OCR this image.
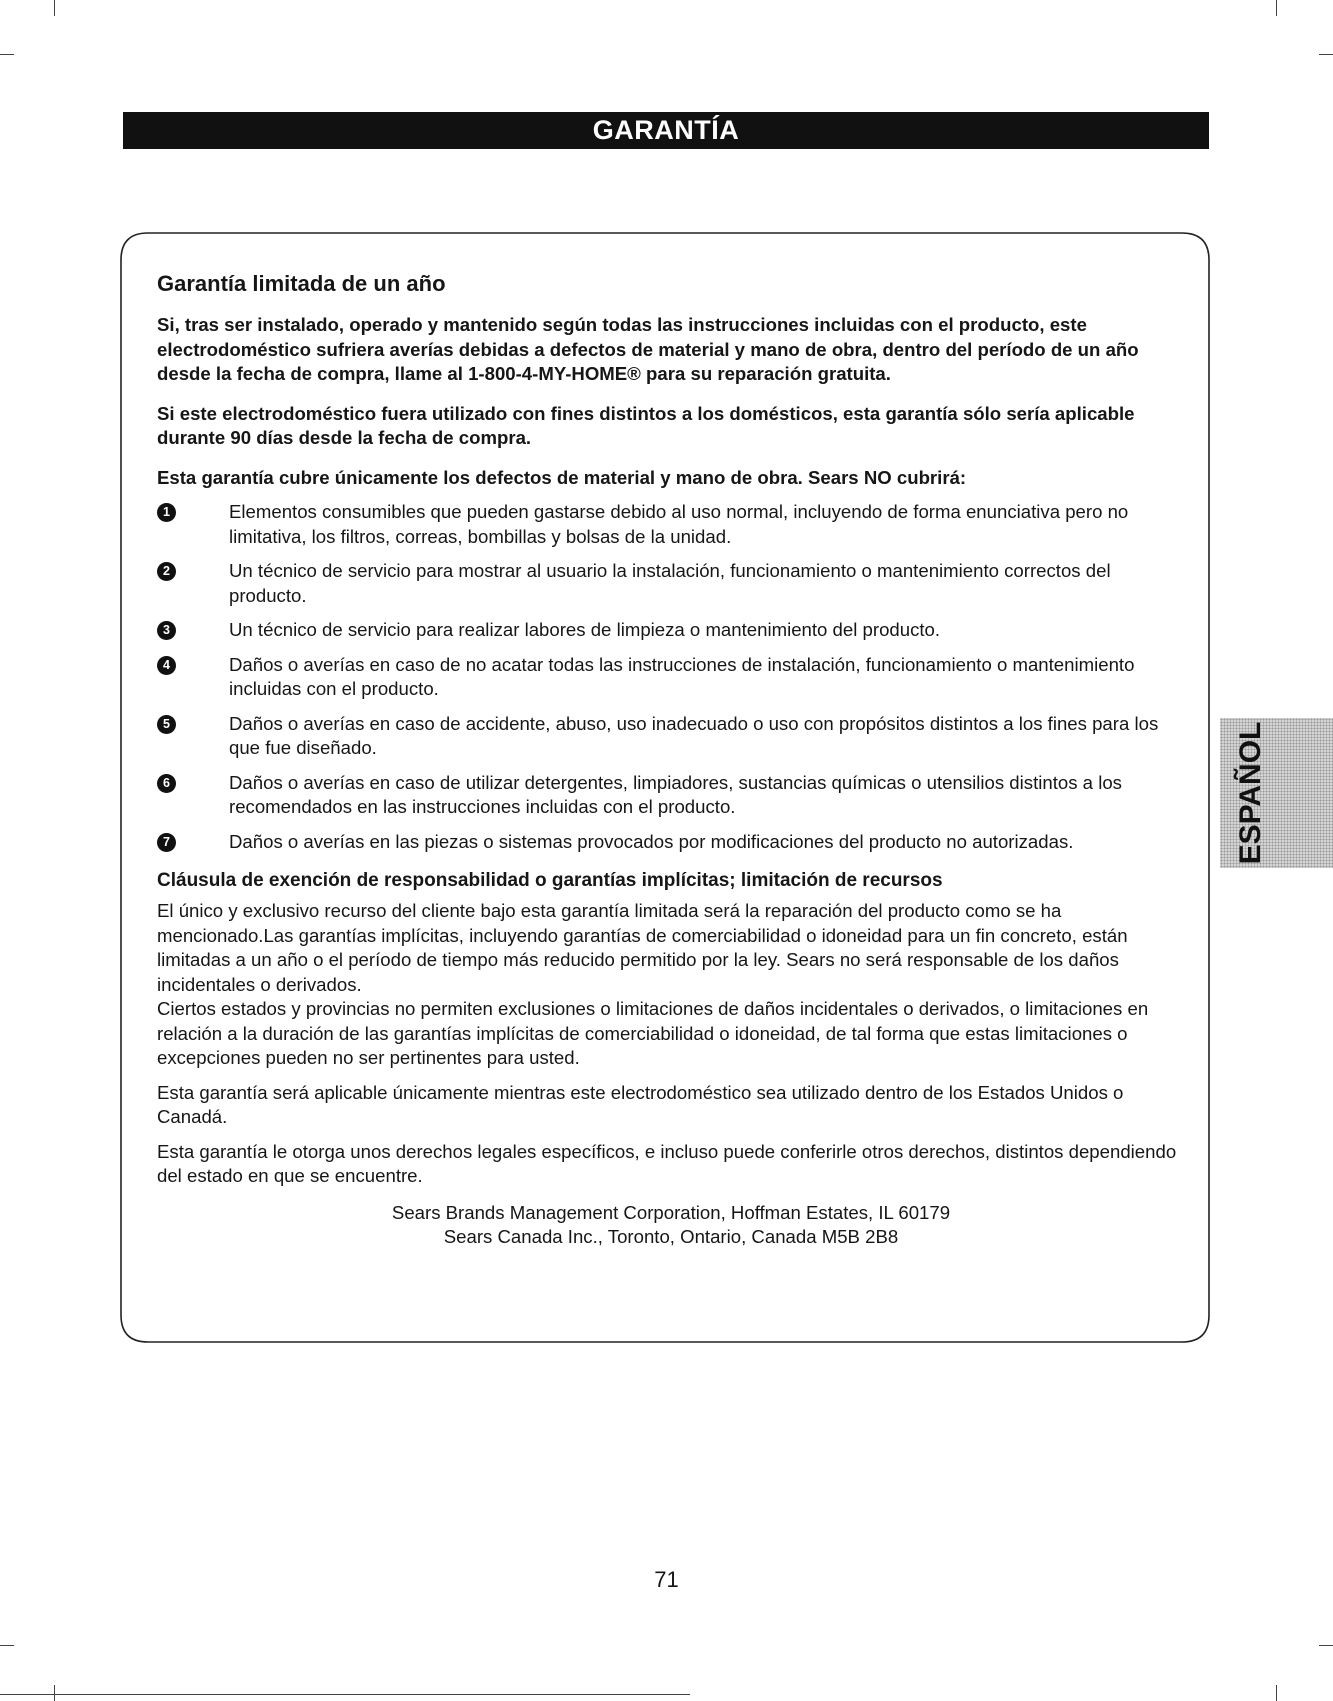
GARANTÍA
Garantía limitada de un año

Si, tras ser instalado, operado y mantenido según todas las instrucciones incluidas con el producto, este electrodoméstico sufriera averías debidas a defectos de material y mano de obra, dentro del período de un año desde la fecha de compra, llame al 1-800-4-MY-HOME® para su reparación gratuita.

Si este electrodoméstico fuera utilizado con fines distintos a los domésticos, esta garantía sólo sería aplicable durante 90 días desde la fecha de compra.

Esta garantía cubre únicamente los defectos de material y mano de obra. Sears NO cubrirá:

1	Elementos consumibles que pueden gastarse debido al uso normal, incluyendo de forma enunciativa pero no limitativa, los filtros, correas, bombillas y bolsas de la unidad.
2	Un técnico de servicio para mostrar al usuario la instalación, funcionamiento o mantenimiento correctos del producto.
3	Un técnico de servicio para realizar labores de limpieza o mantenimiento del producto.
4	Daños o averías en caso de no acatar todas las instrucciones de instalación, funcionamiento o mantenimiento incluidas con el producto.
5	Daños o averías en caso de accidente, abuso, uso inadecuado o uso con propósitos distintos a los fines para los que fue diseñado.
6	Daños o averías en caso de utilizar detergentes, limpiadores, sustancias químicas o utensilios distintos a los recomendados en las instrucciones incluidas con el producto.
7	Daños o averías en las piezas o sistemas provocados por modificaciones del producto no autorizadas.
Cláusula de exención de responsabilidad o garantías implícitas; limitación de recursos

El único y exclusivo recurso del cliente bajo esta garantía limitada será la reparación del producto como se ha mencionado.Las garantías implícitas, incluyendo garantías de comerciabilidad o idoneidad para un fin concreto, están limitadas a un año o el período de tiempo más reducido permitido por la ley. Sears no será responsable de los daños incidentales o derivados.

Ciertos estados y provincias no permiten exclusiones o limitaciones de daños incidentales o derivados, o limitaciones en relación a la duración de las garantías implícitas de comerciabilidad o idoneidad, de tal forma que estas limitaciones o excepciones pueden no ser pertinentes para usted.

Esta garantía será aplicable únicamente mientras este electrodoméstico sea utilizado dentro de los Estados Unidos o Canadá.

Esta garantía le otorga unos derechos legales específicos, e incluso puede conferirle otros derechos, distintos dependiendo del estado en que se encuentre.

Sears Brands Management Corporation, Hoffman Estates, IL 60179
Sears Canada Inc., Toronto, Ontario, Canada M5B 2B8
ESPAÑOL
71
